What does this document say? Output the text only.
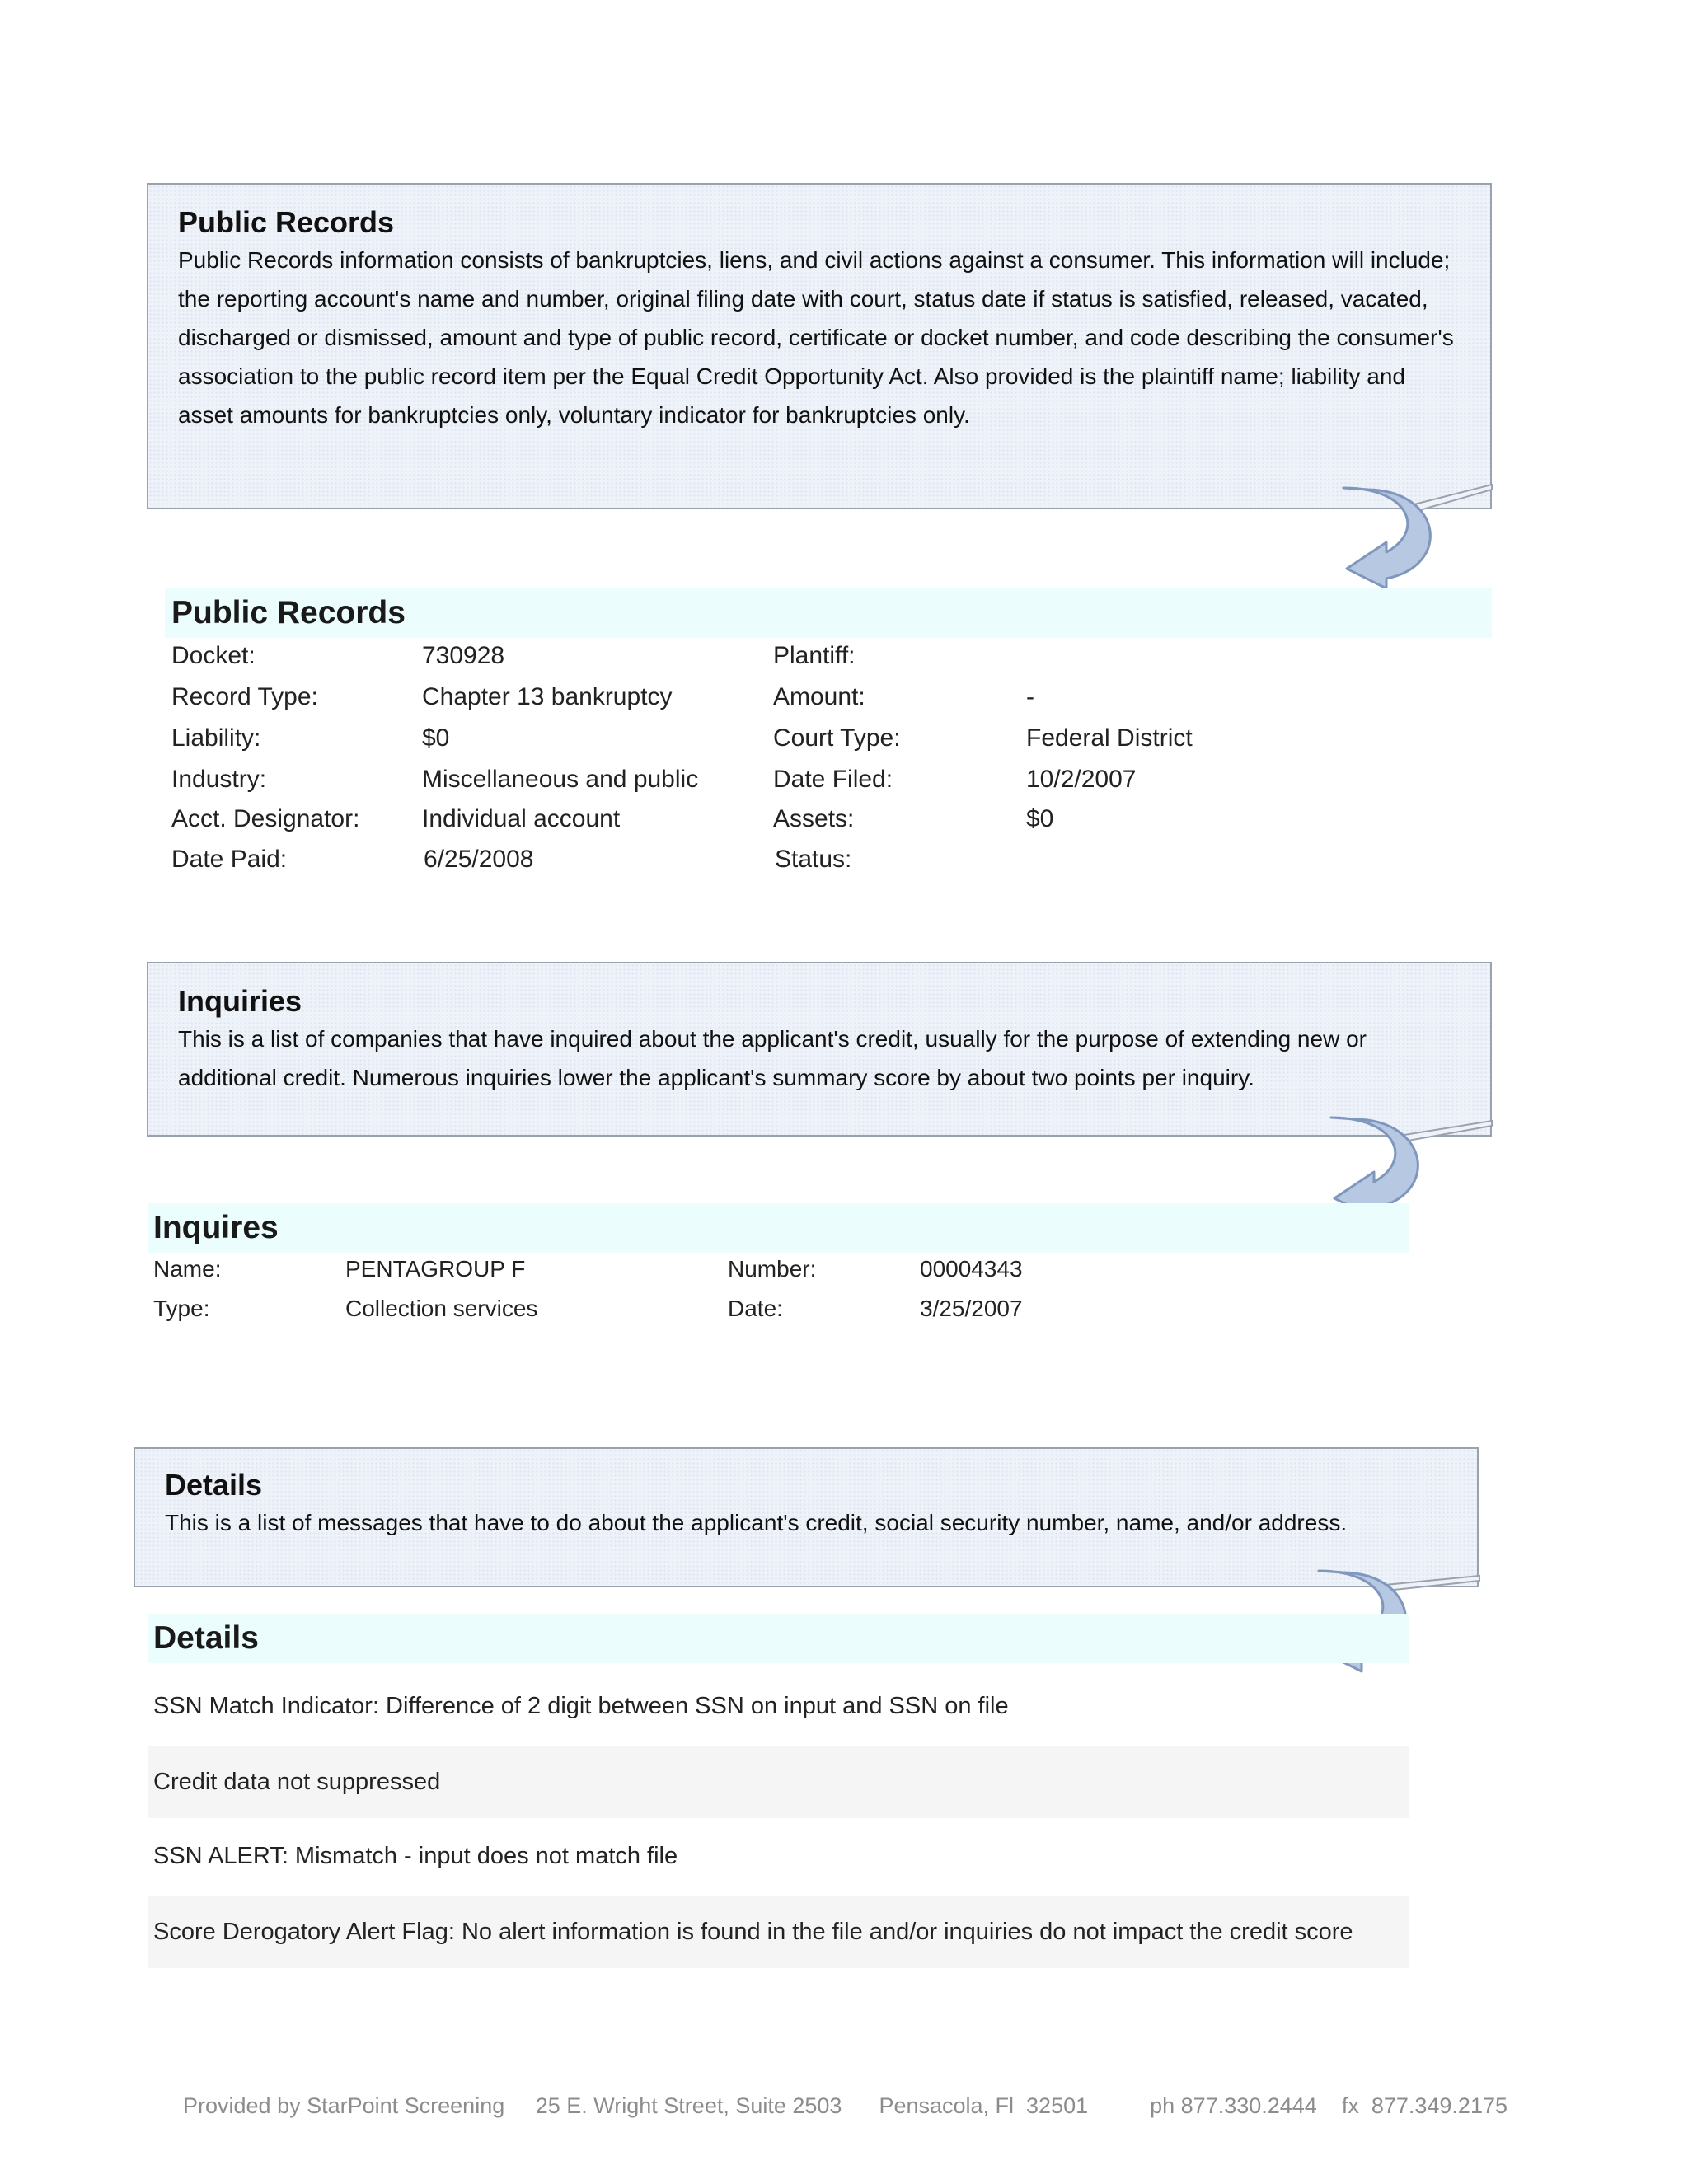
Public Records

Public Records information consists of bankruptcies, liens, and civil actions against a consumer. This information will include; the reporting account's name and number, original filing date with court, status date if status is satisfied, released, vacated, discharged or dismissed, amount and type of public record, certificate or docket number, and code describing the consumer's association to the public record item per the Equal Credit Opportunity Act. Also provided is the plaintiff name; liability and asset amounts for bankruptcies only, voluntary indicator for bankruptcies only.

Public Records
Docket:	730928	Plantiff:
Record Type:	Chapter 13 bankruptcy	Amount:	-
Liability:	$0	Court Type:	Federal District
Industry:	Miscellaneous and public	Date Filed:	10/2/2007
Acct. Designator:	Individual account	Assets:	$0
Date Paid:	6/25/2008	Status:
Inquiries

This is a list of companies that have inquired about the applicant's credit, usually for the purpose of extending new or additional credit. Numerous inquiries lower the applicant's summary score by about two points per inquiry.

Inquires
Name:	PENTAGROUP F	Number:	00004343
Type:	Collection services	Date:	3/25/2007
Details

This is a list of messages that have to do about the applicant's credit, social security number, name, and/or address.

Details
SSN Match Indicator: Difference of 2 digit between SSN on input and SSN on file
Credit data not suppressed
SSN ALERT: Mismatch - input does not match file
Score Derogatory Alert Flag: No alert information is found in the file and/or inquiries do not impact the credit score
Provided by StarPoint Screening     25 E. Wright Street, Suite 2503      Pensacola, Fl  32501          ph 877.330.2444    fx  877.349.2175
